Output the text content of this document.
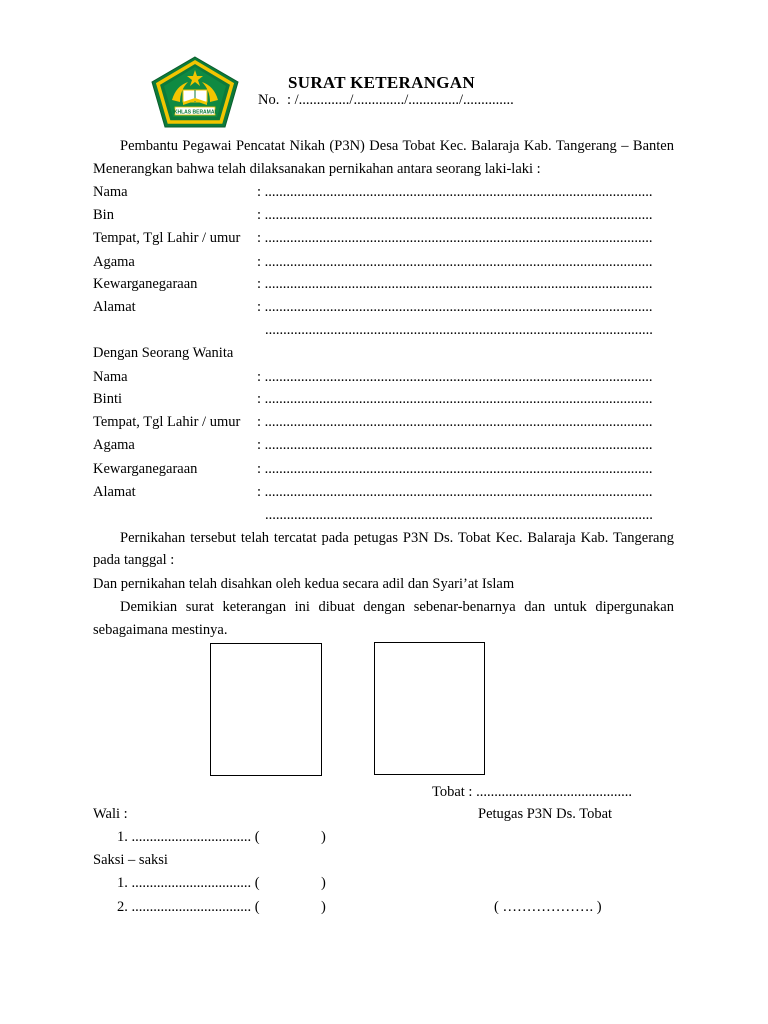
IKHLAS BERAMAL
SURAT KETERANGAN
No. : /............../............../............../..............
Pembantu Pegawai Pencatat Nikah (P3N) Desa Tobat Kec. Balaraja Kab. Tangerang – Banten
Menerangkan bahwa telah dilaksanakan pernikahan antara seorang laki-laki :
Nama	: ...........................................................................................................
Bin	: ...........................................................................................................
Tempat, Tgl Lahir / umur : ...........................................................................................................
Agama	: ...........................................................................................................
Kewarganegaraan	: ...........................................................................................................
Alamat	: ...........................................................................................................
...........................................................................................................
Dengan Seorang Wanita
Nama	: ...........................................................................................................
Binti	: ...........................................................................................................
Tempat, Tgl Lahir / umur : ...........................................................................................................
Agama	: ...........................................................................................................
Kewarganegaraan	: ...........................................................................................................
Alamat	: ...........................................................................................................
...........................................................................................................
Pernikahan tersebut telah tercatat pada petugas P3N Ds. Tobat Kec. Balaraja Kab. Tangerang
pada tanggal :
Dan pernikahan telah disahkan oleh kedua secara adil dan Syari’at Islam
Demikian surat keterangan ini dibuat dengan sebenar-benarnya dan untuk dipergunakan
sebagaimana mestinya.
Tobat : ...........................................
Wali :	Petugas P3N Ds. Tobat
1. ................................. (	)
Saksi – saksi
1. ................................. (	)
2. ................................. (	)	( ………………. )
